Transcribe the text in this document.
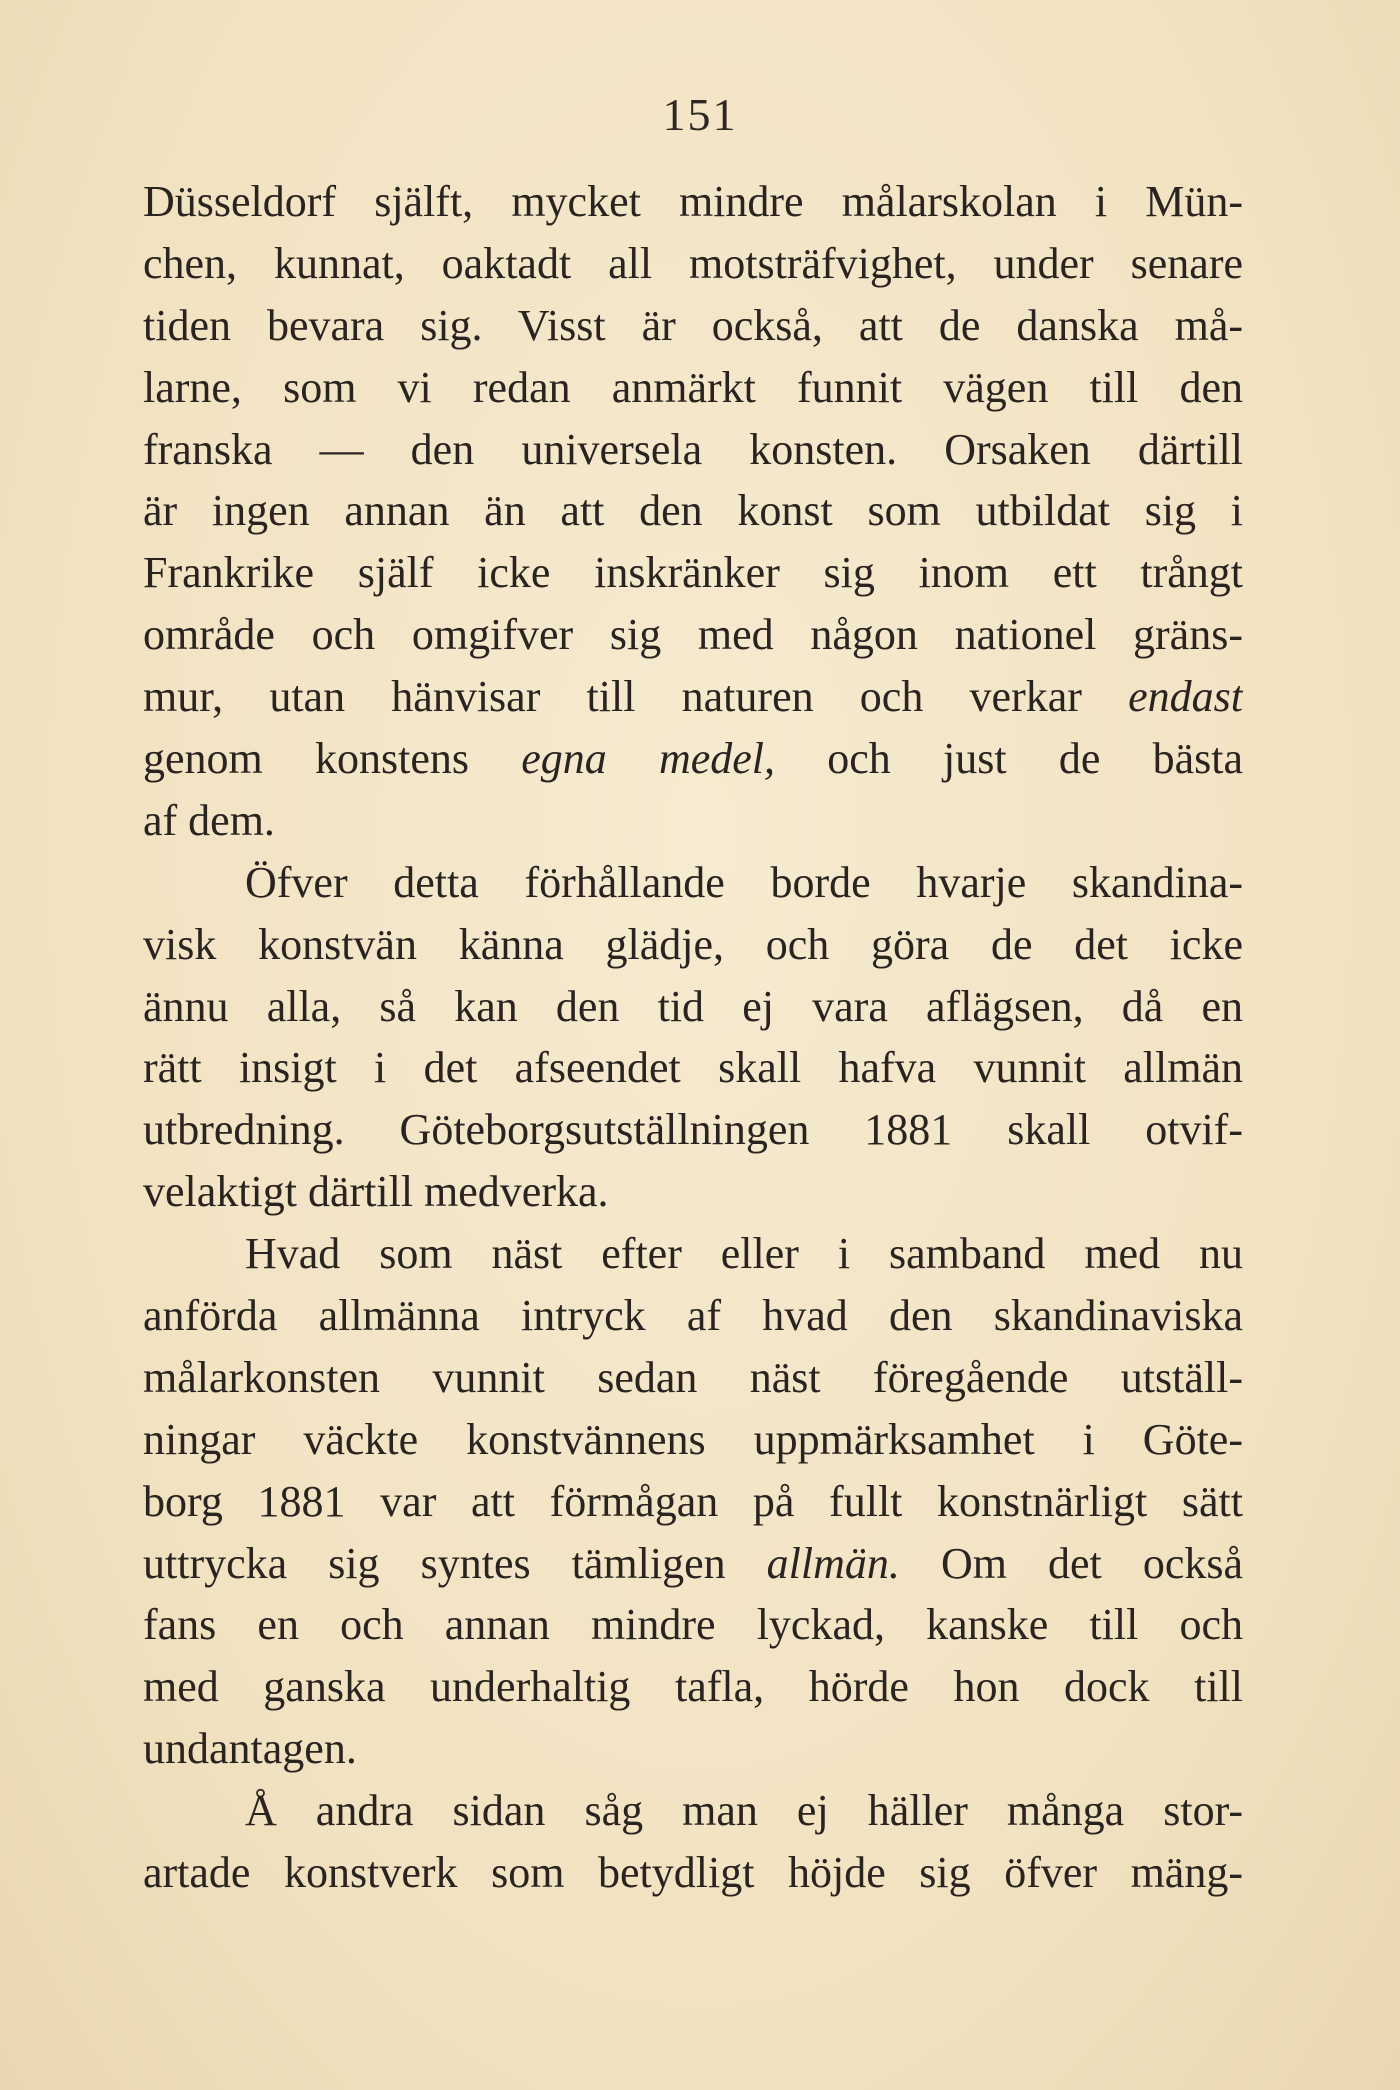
151
Düsseldorf själft, mycket mindre målarskolan i Mün-
chen, kunnat, oaktadt all motsträfvighet, under senare
tiden bevara sig. Visst är också, att de danska må-
larne, som vi redan anmärkt funnit vägen till den
franska — den universela konsten. Orsaken därtill
är ingen annan än att den konst som utbildat sig i
Frankrike själf icke inskränker sig inom ett trångt
område och omgifver sig med någon nationel gräns-
mur, utan hänvisar till naturen och verkar endast
genom konstens egna medel, och just de bästa
af dem.
Öfver detta förhållande borde hvarje skandina-
visk konstvän känna glädje, och göra de det icke
ännu alla, så kan den tid ej vara aflägsen, då en
rätt insigt i det afseendet skall hafva vunnit allmän
utbredning. Göteborgsutställningen 1881 skall otvif-
velaktigt därtill medverka.
Hvad som näst efter eller i samband med nu
anförda allmänna intryck af hvad den skandinaviska
målarkonsten vunnit sedan näst föregående utställ-
ningar väckte konstvännens uppmärksamhet i Göte-
borg 1881 var att förmågan på fullt konstnärligt sätt
uttrycka sig syntes tämligen allmän. Om det också
fans en och annan mindre lyckad, kanske till och
med ganska underhaltig tafla, hörde hon dock till
undantagen.
Å andra sidan såg man ej häller många stor-
artade konstverk som betydligt höjde sig öfver mäng-
